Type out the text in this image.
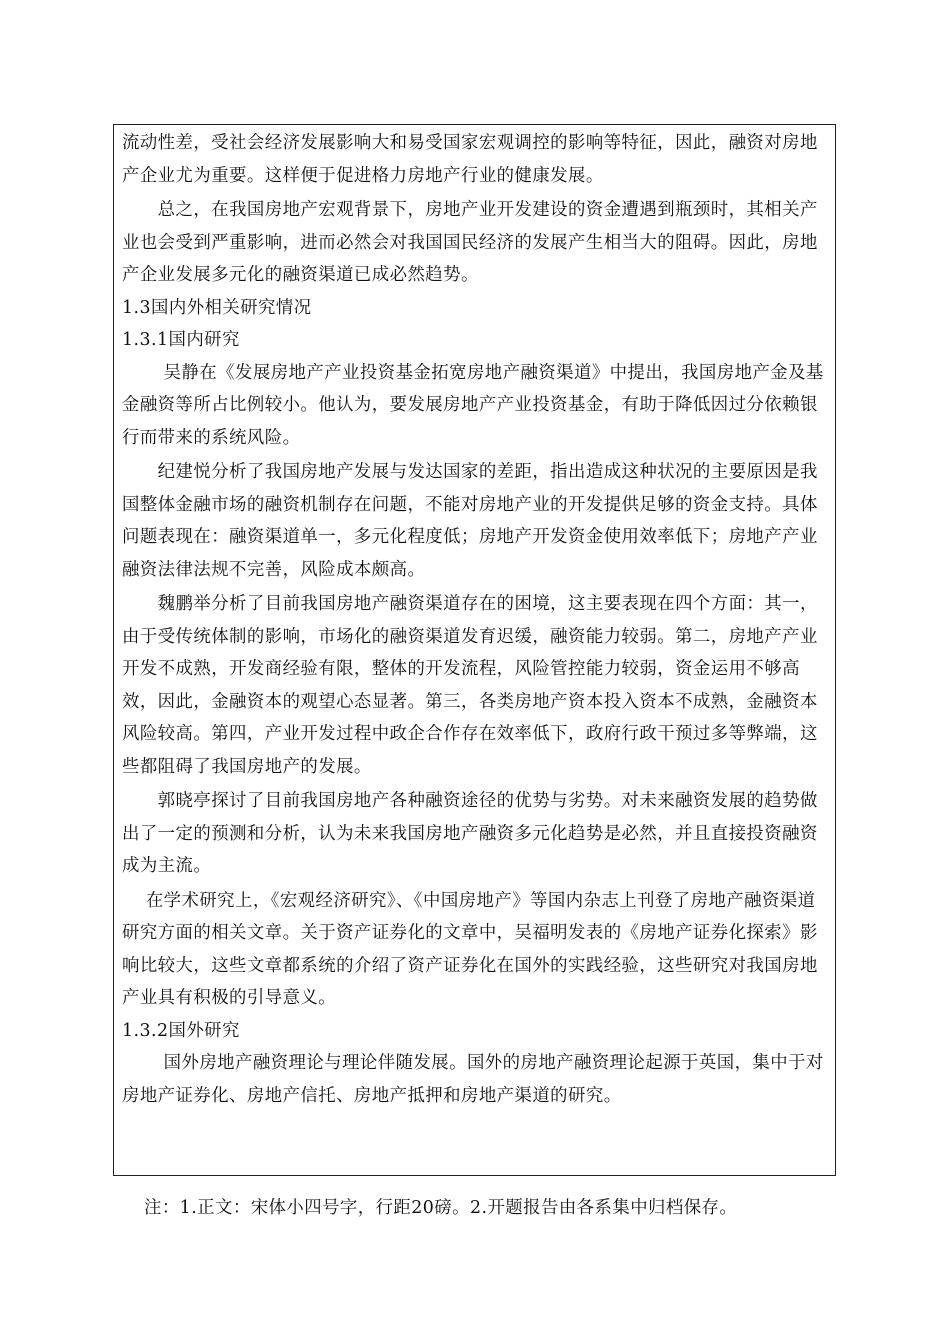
流动性差，受社会经济发展影响大和易受国家宏观调控的影响等特征，因此，融资对房地产企业尤为重要。这样便于促进格力房地产行业的健康发展。

　　总之，在我国房地产宏观背景下，房地产业开发建设的资金遭遇到瓶颈时，其相关产业也会受到严重影响，进而必然会对我国国民经济的发展产生相当大的阻碍。因此，房地产企业发展多元化的融资渠道已成必然趋势。

1.3国内外相关研究情况

1.3.1国内研究

　　 吴静在《发展房地产产业投资基金拓宽房地产融资渠道》中提出，我国房地产金及基金融资等所占比例较小。他认为，要发展房地产产业投资基金，有助于降低因过分依赖银行而带来的系统风险。

　　纪建悦分析了我国房地产发展与发达国家的差距，指出造成这种状况的主要原因是我国整体金融市场的融资机制存在问题，不能对房地产业的开发提供足够的资金支持。具体问题表现在：融资渠道单一，多元化程度低；房地产开发资金使用效率低下；房地产产业融资法律法规不完善，风险成本颇高。

　　魏鹏举分析了目前我国房地产融资渠道存在的困境，这主要表现在四个方面：其一，由于受传统体制的影响，市场化的融资渠道发育迟缓，融资能力较弱。第二，房地产产业开发不成熟，开发商经验有限，整体的开发流程，风险管控能力较弱，资金运用不够高效，因此，金融资本的观望心态显著。第三，各类房地产资本投入资本不成熟，金融资本风险较高。第四，产业开发过程中政企合作存在效率低下，政府行政干预过多等弊端，这些都阻碍了我国房地产的发展。

　　郭晓亭探讨了目前我国房地产各种融资途径的优势与劣势。对未来融资发展的趋势做出了一定的预测和分析，认为未来我国房地产融资多元化趋势是必然，并且直接投资融资成为主流。

　 在学术研究上，《宏观经济研究》、《中国房地产》等国内杂志上刊登了房地产融资渠道研究方面的相关文章。关于资产证券化的文章中，吴福明发表的《房地产证券化探索》影响比较大，这些文章都系统的介绍了资产证券化在国外的实践经验，这些研究对我国房地产业具有积极的引导意义。

1.3.2国外研究

　　 国外房地产融资理论与理论伴随发展。国外的房地产融资理论起源于英国，集中于对房地产证券化、房地产信托、房地产抵押和房地产渠道的研究。

注：1.正文：宋体小四号字，行距20磅。2.开题报告由各系集中归档保存。
